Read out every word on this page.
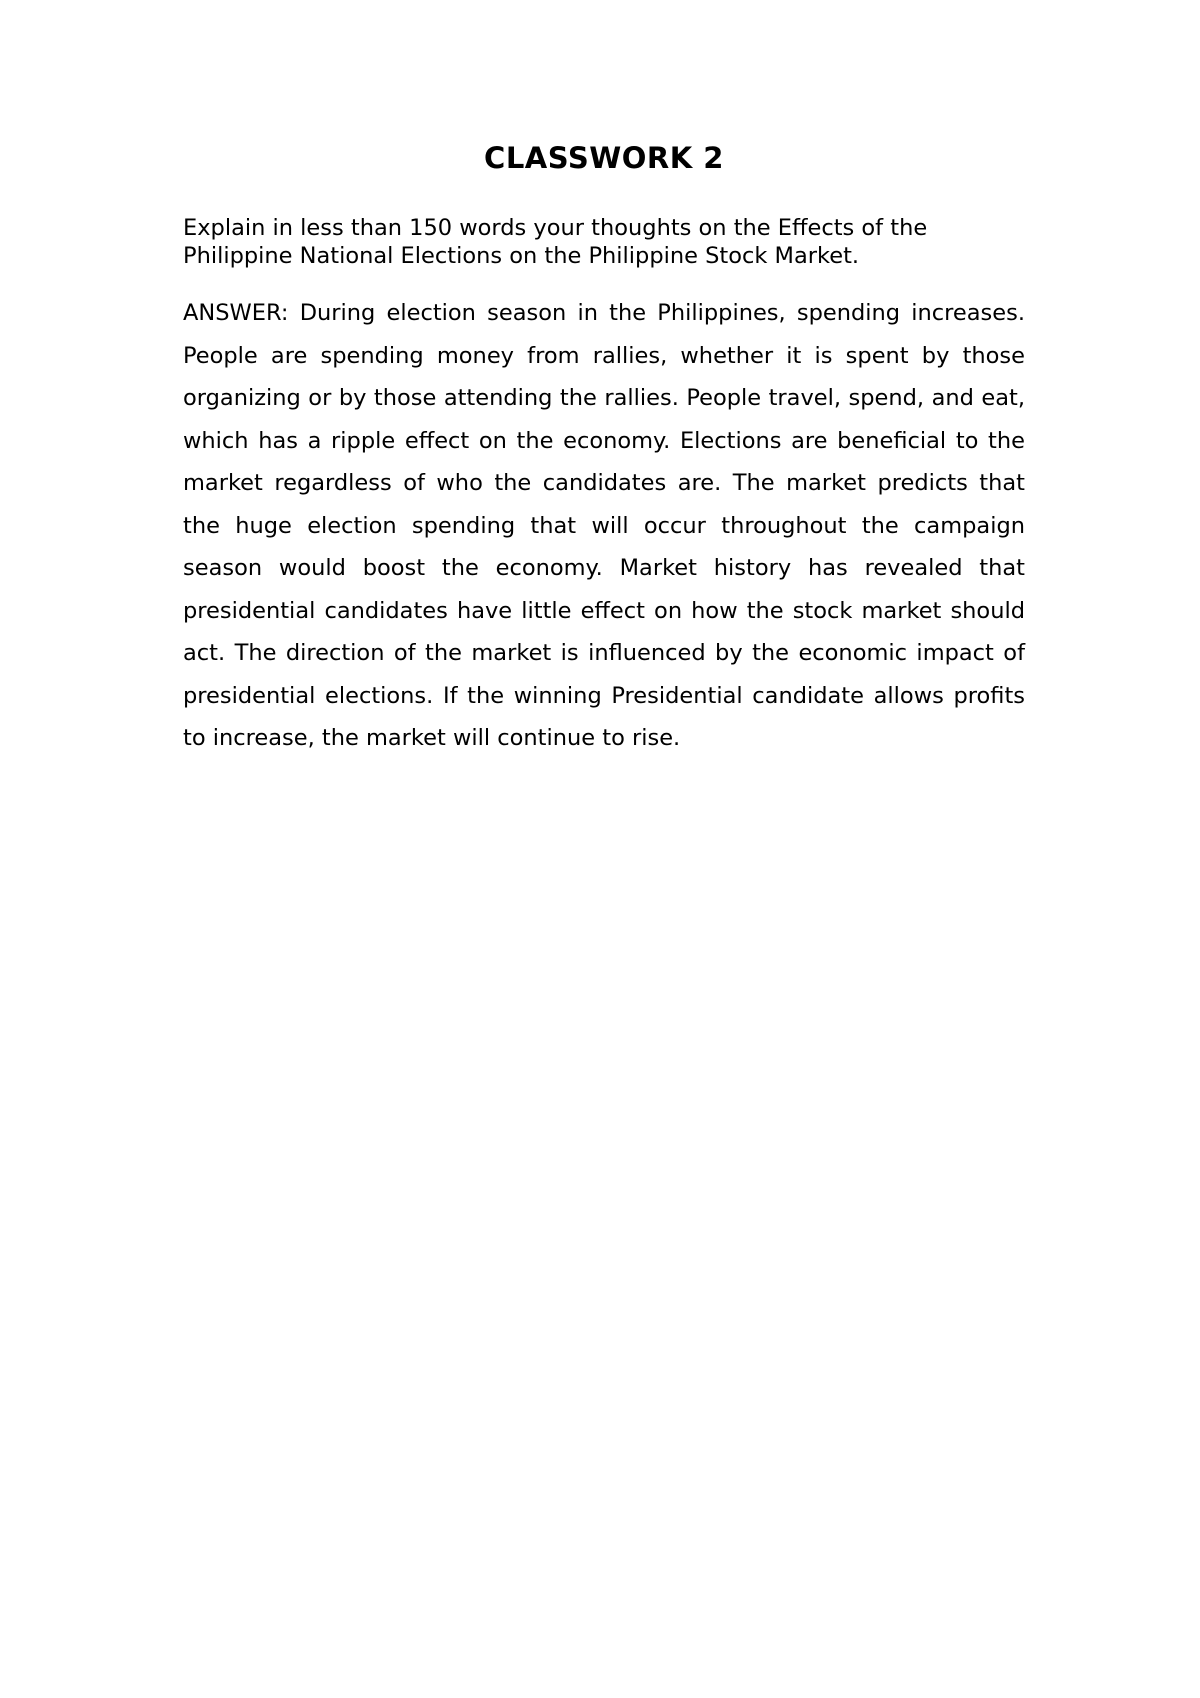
CLASSWORK 2

Explain in less than 150 words your thoughts on the Effects of the Philippine National Elections on the Philippine Stock Market.

ANSWER: During election season in the Philippines, spending increases. People are spending money from rallies, whether it is spent by those organizing or by those attending the rallies. People travel, spend, and eat, which has a ripple effect on the economy. Elections are beneficial to the market regardless of who the candidates are. The market predicts that the huge election spending that will occur throughout the campaign season would boost the economy. Market history has revealed that presidential candidates have little effect on how the stock market should act. The direction of the market is influenced by the economic impact of presidential elections. If the winning Presidential candidate allows profits to increase, the market will continue to rise.
